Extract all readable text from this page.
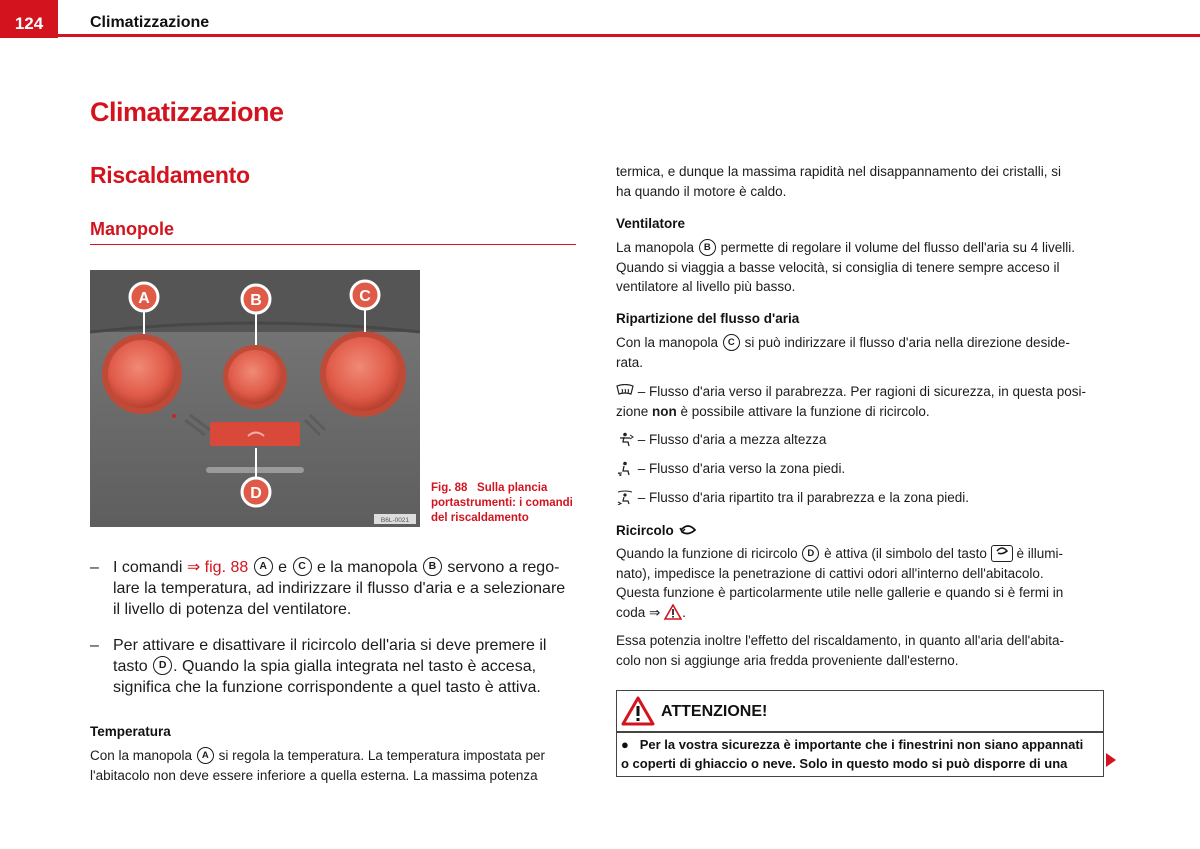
124	Climatizzazione
Climatizzazione
Riscaldamento
Manopole
A	B	C
D
B6L-0021
Fig. 88 Sulla plancia
portastrumenti: i comandi
del riscaldamento
– I comandi ⇒ fig. 88 A e C e la manopola B servono a rego-
lare la temperatura, ad indirizzare il flusso d'aria e a selezionare
il livello di potenza del ventilatore.
– Per attivare e disattivare il ricircolo dell'aria si deve premere il
tasto D . Quando la spia gialla integrata nel tasto è accesa,
significa che la funzione corrispondente a quel tasto è attiva.
Temperatura
Con la manopola A si regola la temperatura. La temperatura impostata per
l'abitacolo non deve essere inferiore a quella esterna. La massima potenza
termica, e dunque la massima rapidità nel disappannamento dei cristalli, si
ha quando il motore è caldo.
Ventilatore
La manopola B permette di regolare il volume del flusso dell'aria su 4 livelli.
Quando si viaggia a basse velocità, si consiglia di tenere sempre acceso il
ventilatore al livello più basso.
Ripartizione del flusso d'aria
Con la manopola C si può indirizzare il flusso d'aria nella direzione deside-
rata.
– Flusso d'aria verso il parabrezza. Per ragioni di sicurezza, in questa posi-
zione non è possibile attivare la funzione di ricircolo.
– Flusso d'aria a mezza altezza
– Flusso d'aria verso la zona piedi.
– Flusso d'aria ripartito tra il parabrezza e la zona piedi.
Ricircolo
Quando la funzione di ricircolo D è attiva (il simbolo del tasto  è illumi-
nato), impedisce la penetrazione di cattivi odori all'interno dell'abitacolo.
Questa funzione è particolarmente utile nelle gallerie e quando si è fermi in
coda ⇒ .
Essa potenzia inoltre l'effetto del riscaldamento, in quanto all'aria dell'abita-
colo non si aggiunge aria fredda proveniente dall'esterno.
ATTENZIONE!
● Per la vostra sicurezza è importante che i finestrini non siano appannati
o coperti di ghiaccio o neve. Solo in questo modo si può disporre di una
